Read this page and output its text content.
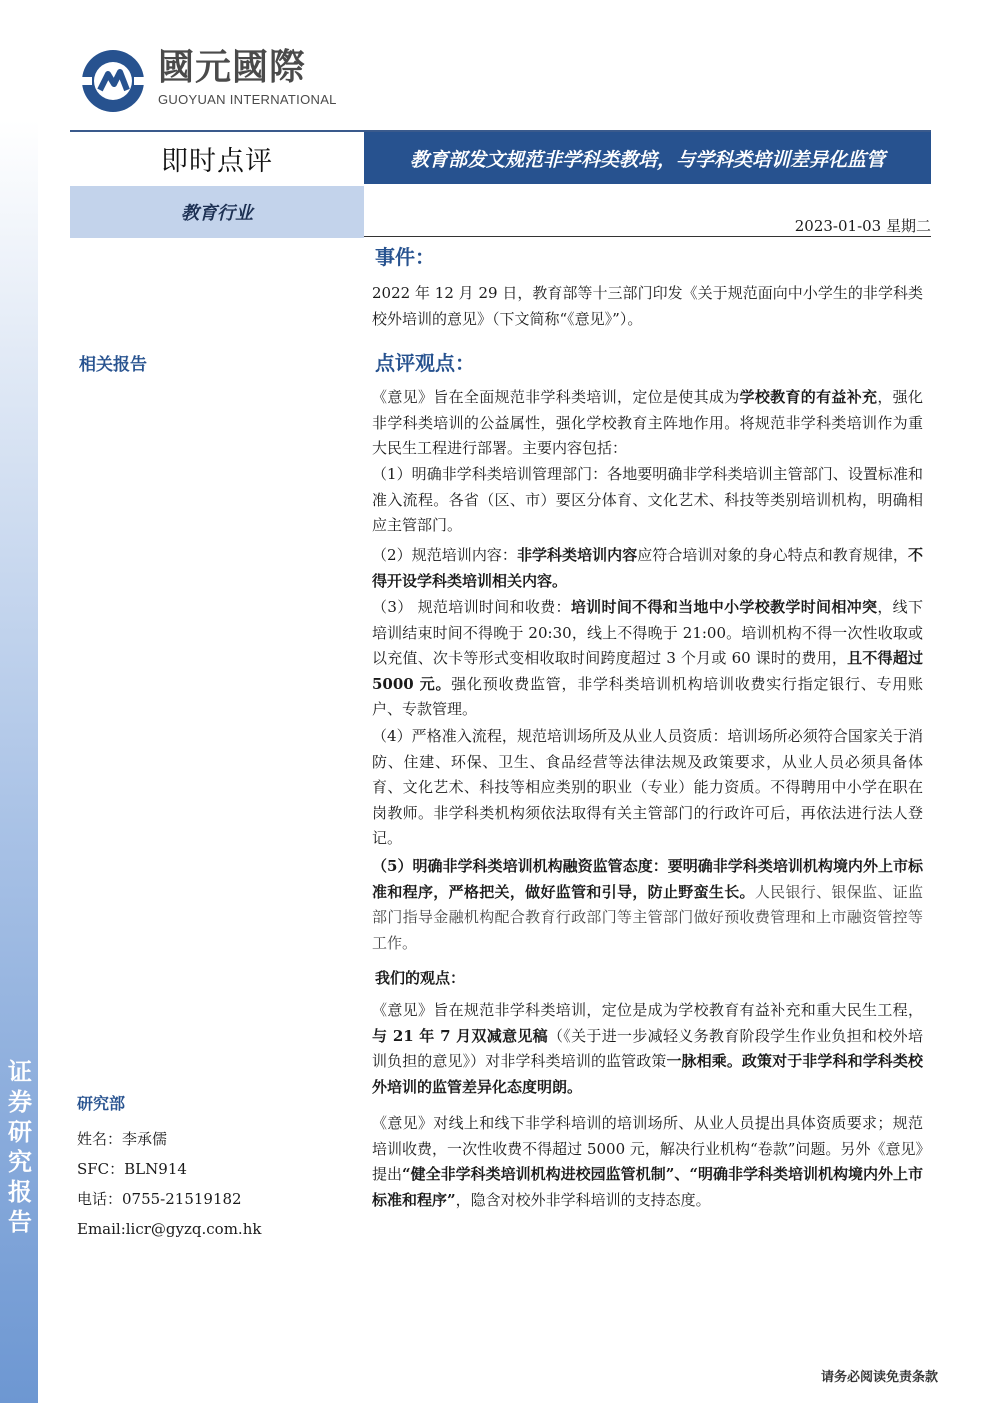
证券研究报告
國元國際
GUOYUAN INTERNATIONAL
即时点评	教育部发文规范非学科类教培，与学科类培训差异化监管
教育行业
2023-01-03 星期二
相关报告
研究部
姓名：李承儒
SFC：BLN914
电话：0755-21519182
Email:licr@gyzq.com.hk
事件：
2022 年 12 月 29 日，教育部等十三部门印发《关于规范面向中小学生的非学科类校外培训的意见》（下文简称“《意见》”）。
点评观点：
《意见》旨在全面规范非学科类培训，定位是使其成为学校教育的有益补充，强化非学科类培训的公益属性，强化学校教育主阵地作用。将规范非学科类培训作为重大民生工程进行部署。主要内容包括：
（1）明确非学科类培训管理部门：各地要明确非学科类培训主管部门、设置标准和准入流程。各省（区、市）要区分体育、文化艺术、科技等类别培训机构，明确相应主管部门。
（2）规范培训内容：非学科类培训内容应符合培训对象的身心特点和教育规律，不得开设学科类培训相关内容。
（3） 规范培训时间和收费：培训时间不得和当地中小学校教学时间相冲突，线下培训结束时间不得晚于 20:30，线上不得晚于 21:00。培训机构不得一次性收取或以充值、次卡等形式变相收取时间跨度超过 3 个月或 60 课时的费用，且不得超过 5000 元。强化预收费监管，非学科类培训机构培训收费实行指定银行、专用账户、专款管理。
（4）严格准入流程，规范培训场所及从业人员资质：培训场所必须符合国家关于消防、住建、环保、卫生、食品经营等法律法规及政策要求，从业人员必须具备体育、文化艺术、科技等相应类别的职业（专业）能力资质。不得聘用中小学在职在岗教师。非学科类机构须依法取得有关主管部门的行政许可后，再依法进行法人登记。
（5）明确非学科类培训机构融资监管态度：要明确非学科类培训机构境内外上市标准和程序，严格把关，做好监管和引导，防止野蛮生长。人民银行、银保监、证监部门指导金融机构配合教育行政部门等主管部门做好预收费管理和上市融资管控等工作。
我们的观点：
《意见》旨在规范非学科类培训，定位是成为学校教育有益补充和重大民生工程，与 21 年 7 月双减意见稿（《关于进一步减轻义务教育阶段学生作业负担和校外培训负担的意见》）对非学科类培训的监管政策一脉相乘。政策对于非学科和学科类校外培训的监管差异化态度明朗。
《意见》对线上和线下非学科培训的培训场所、从业人员提出具体资质要求；规范培训收费，一次性收费不得超过 5000 元，解决行业机构“卷款”问题。另外《意见》提出“健全非学科类培训机构进校园监管机制”、“明确非学科类培训机构境内外上市标准和程序”，隐含对校外非学科培训的支持态度。
请务必阅读免责条款
